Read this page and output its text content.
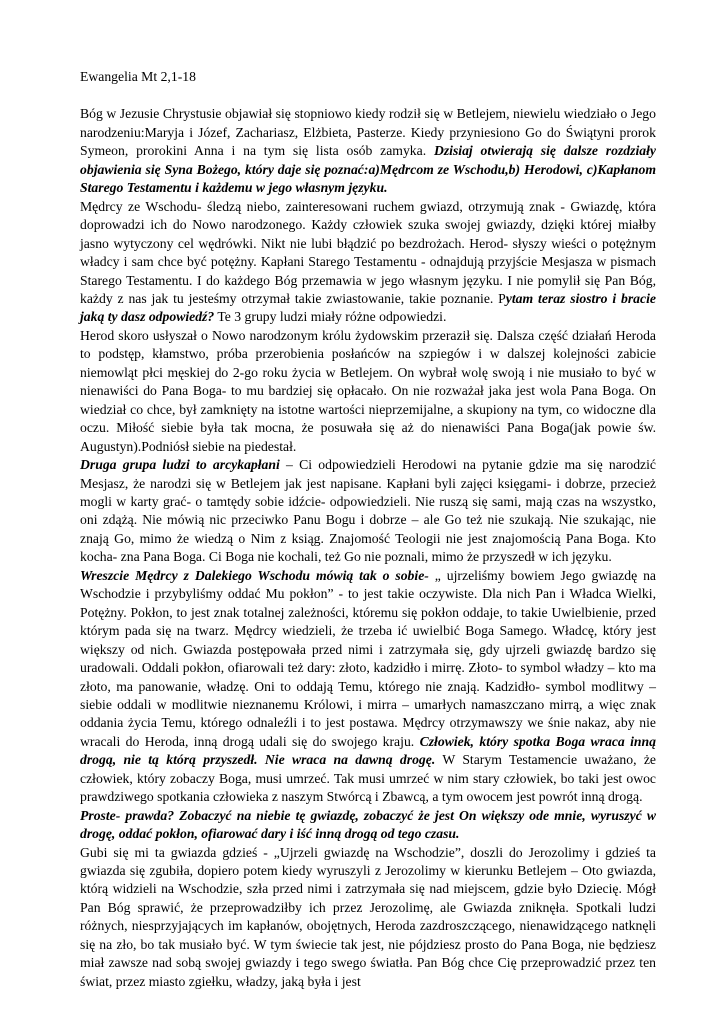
Ewangelia Mt 2,1-18

Bóg w Jezusie Chrystusie objawiał się stopniowo kiedy rodził się w Betlejem, niewielu wiedziało o Jego narodzeniu:Maryja i Józef, Zachariasz, Elżbieta, Pasterze. Kiedy przyniesiono Go do Świątyni prorok Symeon, prorokini Anna i na tym się lista osób zamyka. Dzisiaj otwierają się dalsze rozdziały objawienia się Syna Bożego, który daje się poznać:a)Mędrcom ze Wschodu,b) Herodowi, c)Kapłanom Starego Testamentu i każdemu w jego własnym języku.

Mędrcy ze Wschodu- śledzą niebo, zainteresowani ruchem gwiazd, otrzymują znak - Gwiazdę, która doprowadzi ich do Nowo narodzonego. Każdy człowiek szuka swojej gwiazdy, dzięki której miałby jasno wytyczony cel wędrówki. Nikt nie lubi błądzić po bezdrożach. Herod- słyszy wieści o potężnym władcy i sam chce być potężny. Kapłani Starego Testamentu - odnajdują przyjście Mesjasza w pismach Starego Testamentu. I do każdego Bóg przemawia w jego własnym języku. I nie pomylił się Pan Bóg, każdy z nas jak tu jesteśmy otrzymał takie zwiastowanie, takie poznanie. Pytam teraz siostro i bracie jaką ty dasz odpowiedź? Te 3 grupy ludzi miały różne odpowiedzi.

Herod skoro usłyszał o Nowo narodzonym królu żydowskim przeraził się. Dalsza część działań Heroda to podstęp, kłamstwo, próba przerobienia posłańców na szpiegów i w dalszej kolejności zabicie niemowląt płci męskiej do 2-go roku życia w Betlejem. On wybrał wolę swoją i nie musiało to być w nienawiści do Pana Boga- to mu bardziej się opłacało. On nie rozważał jaka jest wola Pana Boga. On wiedział co chce, był zamknięty na istotne wartości nieprzemijalne, a skupiony na tym, co widoczne dla oczu. Miłość siebie była tak mocna, że posuwała się aż do nienawiści Pana Boga(jak powie św. Augustyn).Podniósł siebie na piedestał.

Druga grupa ludzi to arcykapłani – Ci odpowiedzieli Herodowi na pytanie gdzie ma się narodzić Mesjasz, że narodzi się w Betlejem jak jest napisane. Kapłani byli zajęci księgami- i dobrze, przecież mogli w karty grać- o tamtędy sobie idźcie- odpowiedzieli. Nie ruszą się sami, mają czas na wszystko, oni zdążą. Nie mówią nic przeciwko Panu Bogu i dobrze – ale Go też nie szukają. Nie szukając, nie znają Go, mimo że wiedzą o Nim z ksiąg. Znajomość Teologii nie jest znajomością Pana Boga. Kto kocha- zna Pana Boga. Ci Boga nie kochali, też Go nie poznali, mimo że przyszedł w ich języku.

Wreszcie Mędrcy z Dalekiego Wschodu mówią tak o sobie- „ ujrzeliśmy bowiem Jego gwiazdę na Wschodzie i przybyliśmy oddać Mu pokłon” - to jest takie oczywiste. Dla nich Pan i Władca Wielki, Potężny. Pokłon, to jest znak totalnej zależności, któremu się pokłon oddaje, to takie Uwielbienie, przed którym pada się na twarz. Mędrcy wiedzieli, że trzeba ić uwielbić Boga Samego. Władcę, który jest większy od nich. Gwiazda postępowała przed nimi i zatrzymała się, gdy ujrzeli gwiazdę bardzo się uradowali. Oddali pokłon, ofiarowali też dary: złoto, kadzidło i mirrę. Złoto- to symbol władzy – kto ma złoto, ma panowanie, władzę. Oni to oddają Temu, którego nie znają. Kadzidło- symbol modlitwy – siebie oddali w modlitwie nieznanemu Królowi, i mirra – umarłych namaszczano mirrą, a więc znak oddania życia Temu, którego odnaleźli i to jest postawa. Mędrcy otrzymawszy we śnie nakaz, aby nie wracali do Heroda, inną drogą udali się do swojego kraju. Człowiek, który spotka Boga wraca inną drogą, nie tą którą przyszedł. Nie wraca na dawną drogę. W Starym Testamencie uważano, że człowiek, który zobaczy Boga, musi umrzeć. Tak musi umrzeć w nim stary człowiek, bo taki jest owoc prawdziwego spotkania człowieka z naszym Stwórcą i Zbawcą, a tym owocem jest powrót inną drogą.

Proste- prawda? Zobaczyć na niebie tę gwiazdę, zobaczyć że jest On większy ode mnie, wyruszyć w drogę, oddać pokłon, ofiarować dary i iść inną drogą od tego czasu.

Gubi się mi ta gwiazda gdzieś - „Ujrzeli gwiazdę na Wschodzie”, doszli do Jerozolimy i gdzieś ta gwiazda się zgubiła, dopiero potem kiedy wyruszyli z Jerozolimy w kierunku Betlejem – Oto gwiazda, którą widzieli na Wschodzie, szła przed nimi i zatrzymała się nad miejscem, gdzie było Dziecię. Mógł Pan Bóg sprawić, że przeprowadziłby ich przez Jerozolimę, ale Gwiazda zniknęła. Spotkali ludzi różnych, niesprzyjających im kapłanów, obojętnych, Heroda zazdroszczącego, nienawidzącego natknęli się na zło, bo tak musiało być. W tym świecie tak jest, nie pójdziesz prosto do Pana Boga, nie będziesz miał zawsze nad sobą swojej gwiazdy i tego swego światła. Pan Bóg chce Cię przeprowadzić przez ten świat, przez miasto zgiełku, władzy, jaką była i jest
